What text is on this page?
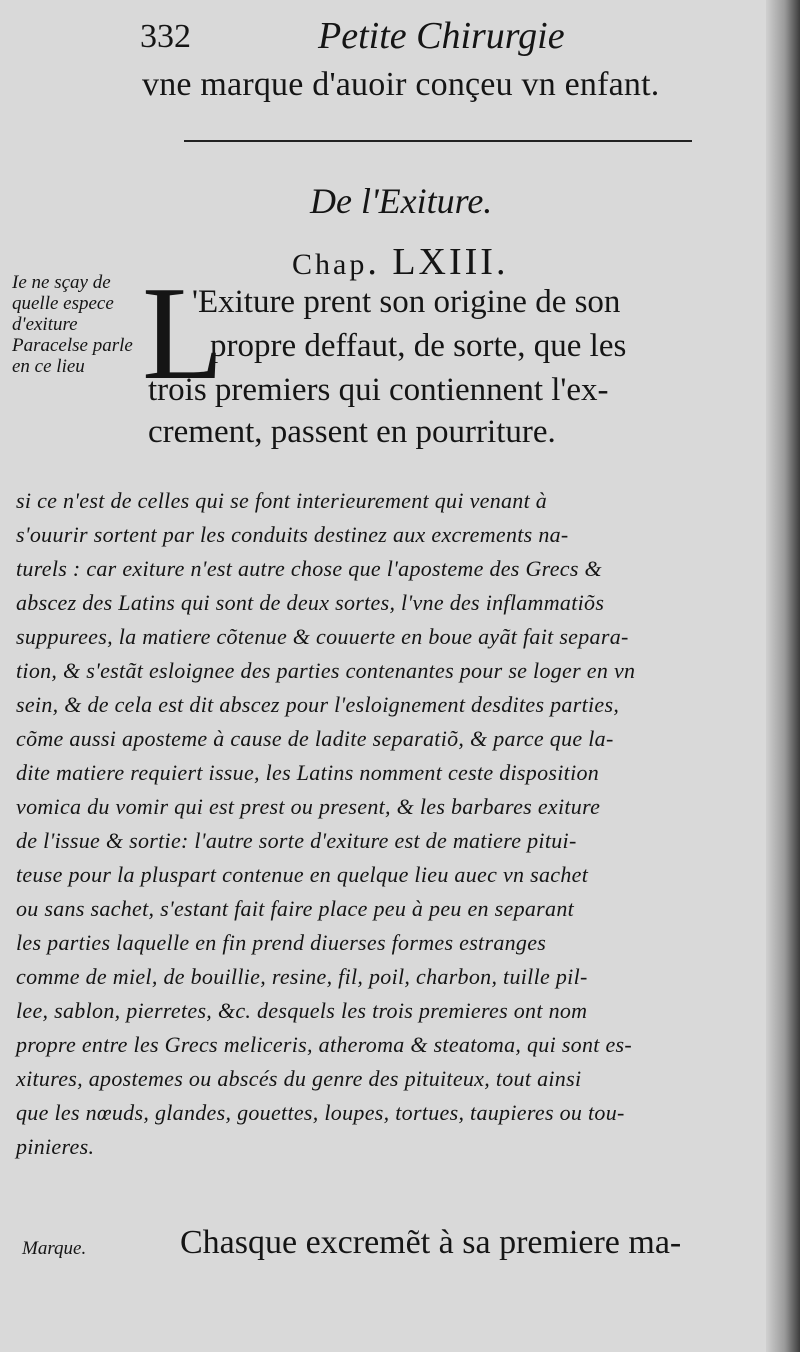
332	Petite Chirurgie
vne marque d'auoir conçeu vn enfant.
De l'Exiture.
Chap. LXIII.
Ie ne sçay de quelle espece d'exiture Paracelse parle en ce lieu L
'Exiture prent son origine de son
propre deffaut, de sorte, que les
trois premiers qui contiennent l'ex-
crement, passent en pourriture.
si ce n'est de celles qui se font interieurement qui venant à
s'ouurir sortent par les conduits destinez aux excrements na-
turels : car exiture n'est autre chose que l'aposteme des Grecs &
abscez des Latins qui sont de deux sortes, l'vne des inflammatiõs
suppurees, la matiere cõtenue & couuerte en boue ayãt fait separa-
tion, & s'estãt esloignee des parties contenantes pour se loger en vn
sein, & de cela est dit abscez pour l'esloignement desdites parties,
cõme aussi aposteme à cause de ladite separatiõ, & parce que la-
dite matiere requiert issue, les Latins nomment ceste disposition
vomica du vomir qui est prest ou present, & les barbares exiture
de l'issue & sortie: l'autre sorte d'exiture est de matiere pitui-
teuse pour la pluspart contenue en quelque lieu auec vn sachet
ou sans sachet, s'estant fait faire place peu à peu en separant
les parties laquelle en fin prend diuerses formes estranges
comme de miel, de bouillie, resine, fil, poil, charbon, tuille pil-
lee, sablon, pierretes, &c. desquels les trois premieres ont nom
propre entre les Grecs meliceris, atheroma & steatoma, qui sont es-
xitures, apostemes ou abscés du genre des pituiteux, tout ainsi
que les nœuds, glandes, gouettes, loupes, tortues, taupieres ou tou-
pinieres.
Marque.	Chasque excremẽt à sa premiere ma-
